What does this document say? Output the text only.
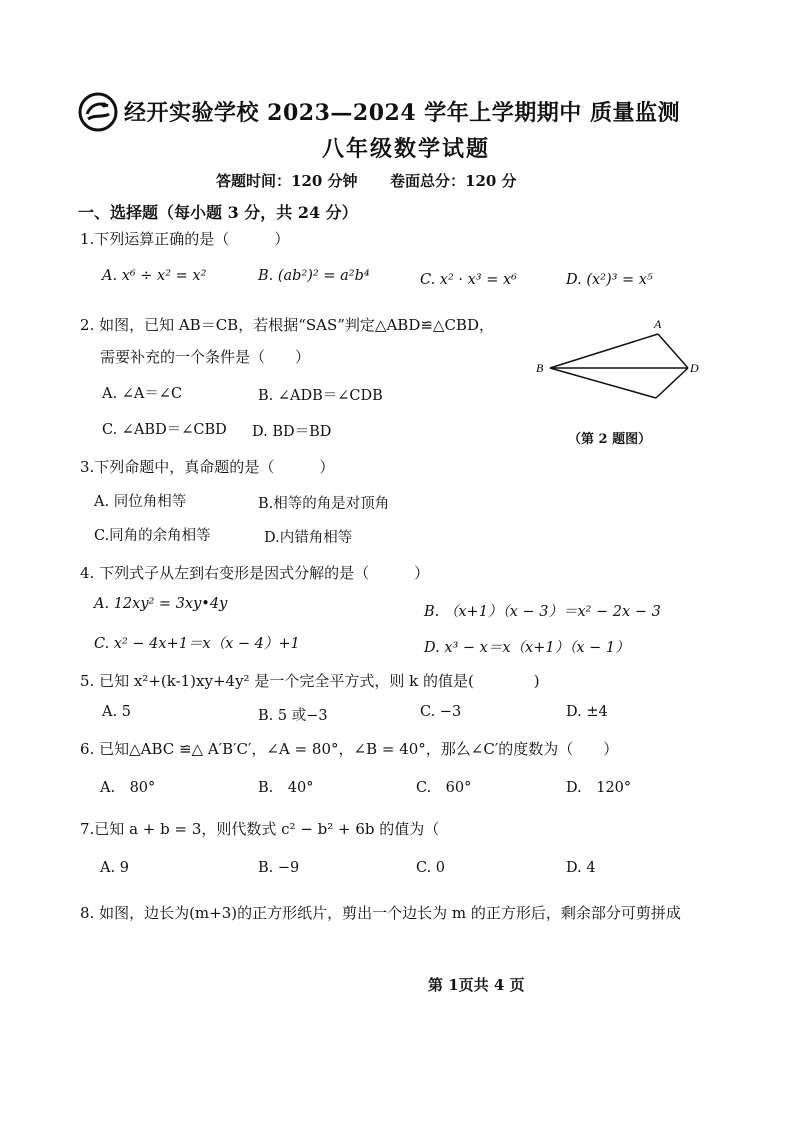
经开实验学校 2023—2024 学年上学期期中 质量监测
八年级数学试题
答题时间：120 分钟 卷面总分：120 分
一、选择题（每小题 3 分，共 24 分）
1.下列运算正确的是（　　　）
A. x⁶ ÷ x² = x²	B. (ab²)² = a²b⁴	C. x² · x³ = x⁶	D. (x²)³ = x⁵
2. 如图，已知 AB＝CB，若根据“SAS”判定△ABD≌△CBD，
需要补充的一个条件是（　　）
A. ∠A＝∠C	B. ∠ADB＝∠CDB
C. ∠ABD＝∠CBD D. BD＝BD
A
B	D
（第 2 题图）
3.下列命题中，真命题的是（　　　）
A. 同位角相等	B.相等的角是对顶角
C.同角的余角相等	D.内错角相等
4. 下列式子从左到右变形是因式分解的是（　　　）
A. 12xy² = 3xy•4y	B. （x+1）（x − 3）＝x² − 2x − 3
C. x² − 4x+1＝x（x − 4）+1	D. x³ − x＝x（x+1）（x − 1）
5. 已知 x²+(k-1)xy+4y² 是一个完全平方式，则 k 的值是(　　　　)
A. 5	B. 5 或−3	C. −3	D. ±4
6. 已知△ABC ≌△ A′B′C′，∠A = 80°，∠B = 40°，那么∠C′的度数为（　　）
A.　80°	B.　40°	C.　60°	D.　120°
7.已知 a + b = 3，则代数式 c² − b² + 6b 的值为（
A. 9	B. −9	C. 0	D. 4
8. 如图，边长为(m+3)的正方形纸片，剪出一个边长为 m 的正方形后，剩余部分可剪拼成
第 1页共 4 页
